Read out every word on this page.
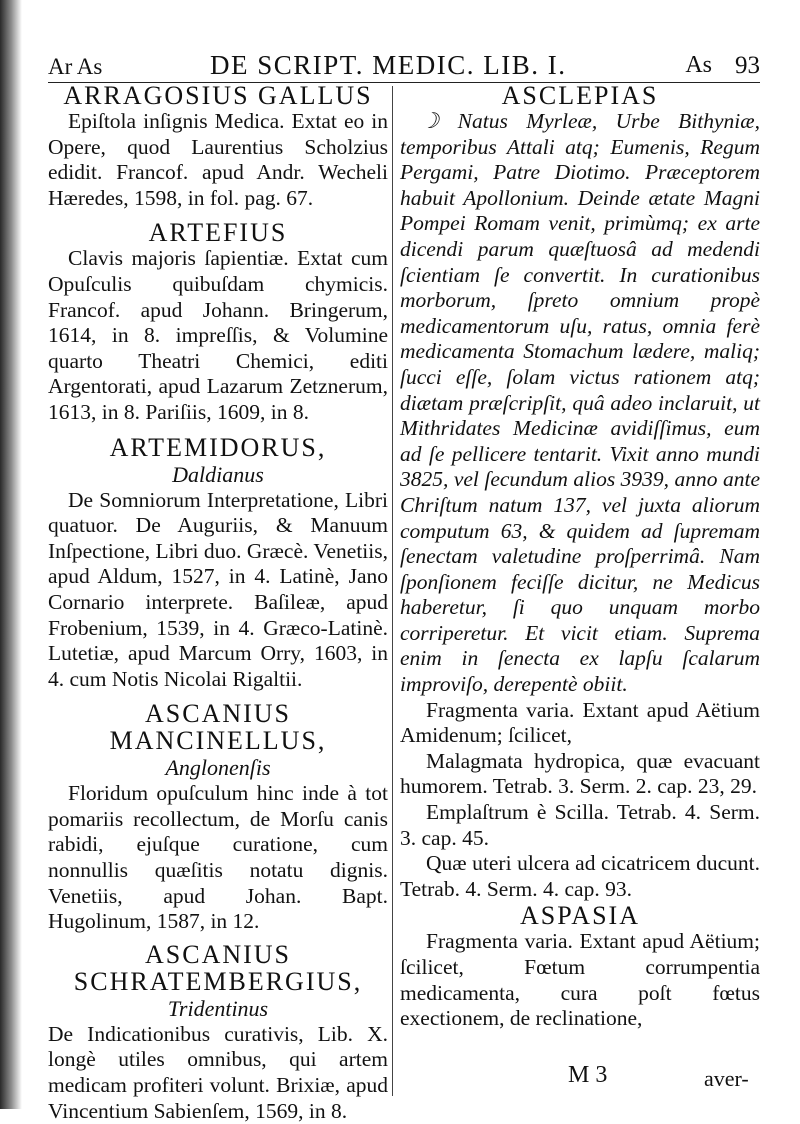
Ar As	DE SCRIPT. MEDIC. LIB. I.	As 93

ARRAGOSIUS GALLUS

Epiſtola inſignis Medica. Extat eo in Opere, quod Laurentius Scholzius edidit. Francof. apud Andr. Wecheli Hæredes, 1598, in fol. pag. 67.

ARTEFIUS

Clavis majoris ſapientiæ. Extat cum Opuſculis quibuſdam chymicis. Francof. apud Johann. Bringerum, 1614, in 8. impreſſis, & Volumine quarto Theatri Chemici, editi Argentorati, apud Lazarum Zetznerum, 1613, in 8. Pariſiis, 1609, in 8.

ARTEMIDORUS,

Daldianus

De Somniorum Interpretatione, Libri quatuor. De Auguriis, & Manuum Inſpectione, Libri duo. Græcè. Venetiis, apud Aldum, 1527, in 4. Latinè, Jano Cornario interprete. Baſileæ, apud Frobenium, 1539, in 4. Græco-Latinè. Lutetiæ, apud Marcum Orry, 1603, in 4. cum Notis Nicolai Rigaltii.

ASCANIUS MANCINELLUS,

Anglonenſis

Floridum opuſculum hinc inde à tot pomariis recollectum, de Morſu canis rabidi, ejuſque curatione, cum nonnullis quæſitis notatu dignis. Venetiis, apud Johan. Bapt. Hugolinum, 1587, in 12.

ASCANIUS SCHRATEMBERGIUS,

Tridentinus

De Indicationibus curativis, Lib. X. longè utiles omnibus, qui artem medicam profiteri volunt. Brixiæ, apud Vincentium Sabienſem, 1569, in 8.

ASCLEPIAS

☽ Natus Myrleæ, Urbe Bithyniæ, temporibus Attali atq; Eumenis, Regum Pergami, Patre Diotimo. Præceptorem habuit Apollonium. Deinde ætate Magni Pompei Romam venit, primùmq; ex arte dicendi parum quæſtuosâ ad medendi ſcientiam ſe convertit. In curationibus morborum, ſpreto omnium propè medicamentorum uſu, ratus, omnia ferè medicamenta Stomachum lædere, maliq; ſucci eſſe, ſolam victus rationem atq; diætam præſcripſit, quâ adeo inclaruit, ut Mithridates Medicinæ avidiſſimus, eum ad ſe pellicere tentarit. Vixit anno mundi 3825, vel ſecundum alios 3939, anno ante Chriſtum natum 137, vel juxta aliorum computum 63, & quidem ad ſupremam ſenectam valetudine proſperrimâ. Nam ſponſionem feciſſe dicitur, ne Medicus haberetur, ſi quo unquam morbo corriperetur. Et vicit etiam. Suprema enim in ſenecta ex lapſu ſcalarum improviſo, derepentè obiit.

Fragmenta varia. Extant apud Aëtium Amidenum; ſcilicet,

Malagmata hydropica, quæ evacuant humorem. Tetrab. 3. Serm. 2. cap. 23, 29.

Emplaſtrum è Scilla. Tetrab. 4. Serm. 3. cap. 45.

Quæ uteri ulcera ad cicatricem ducunt. Tetrab. 4. Serm. 4. cap. 93.

ASPASIA

Fragmenta varia. Extant apud Aëtium; ſcilicet, Fœtum corrumpentia medicamenta, cura poſt fœtus exectionem, de reclinatione,

M 3	aver-
